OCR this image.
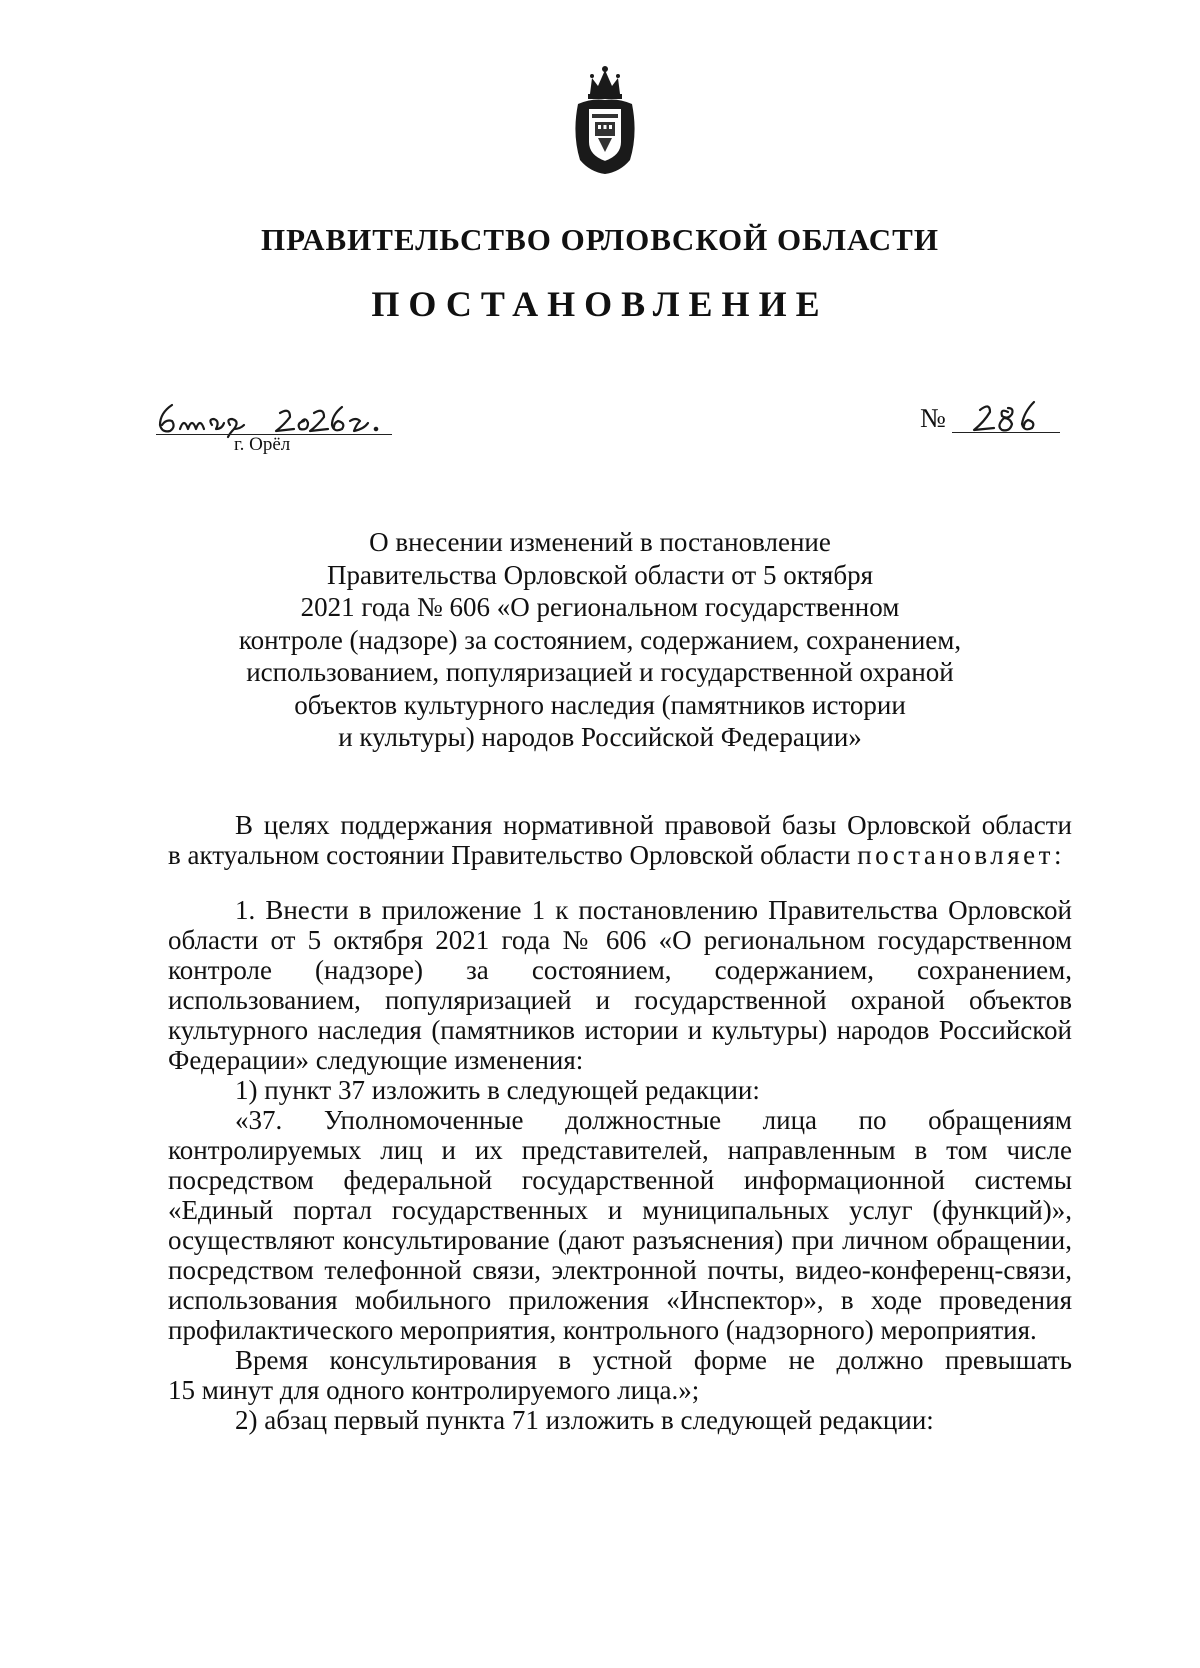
ПРАВИТЕЛЬСТВО ОРЛОВСКОЙ ОБЛАСТИ
ПОСТАНОВЛЕНИЕ
г. Орёл
№
О внесении изменений в постановление
Правительства Орловской области от 5 октября
2021 года № 606 «О региональном государственном
контроле (надзоре) за состоянием, содержанием, сохранением,
использованием, популяризацией и государственной охраной
объектов культурного наследия (памятников истории
и культуры) народов Российской Федерации»
В целях поддержания нормативной правовой базы Орловской области
в актуальном состоянии Правительство Орловской области постановляет:
1. Внести в приложение 1 к постановлению Правительства Орловской
области от 5 октября 2021 года № 606 «О региональном государственном
контроле (надзоре) за состоянием, содержанием, сохранением,
использованием, популяризацией и государственной охраной объектов
культурного наследия (памятников истории и культуры) народов Российской
Федерации» следующие изменения:
1) пункт 37 изложить в следующей редакции:
«37. Уполномоченные должностные лица по обращениям
контролируемых лиц и их представителей, направленным в том числе
посредством федеральной государственной информационной системы
«Единый портал государственных и муниципальных услуг (функций)»,
осуществляют консультирование (дают разъяснения) при личном обращении,
посредством телефонной связи, электронной почты, видео-конференц-связи,
использования мобильного приложения «Инспектор», в ходе проведения
профилактического мероприятия, контрольного (надзорного) мероприятия.
Время консультирования в устной форме не должно превышать
15 минут для одного контролируемого лица.»;
2) абзац первый пункта 71 изложить в следующей редакции:
